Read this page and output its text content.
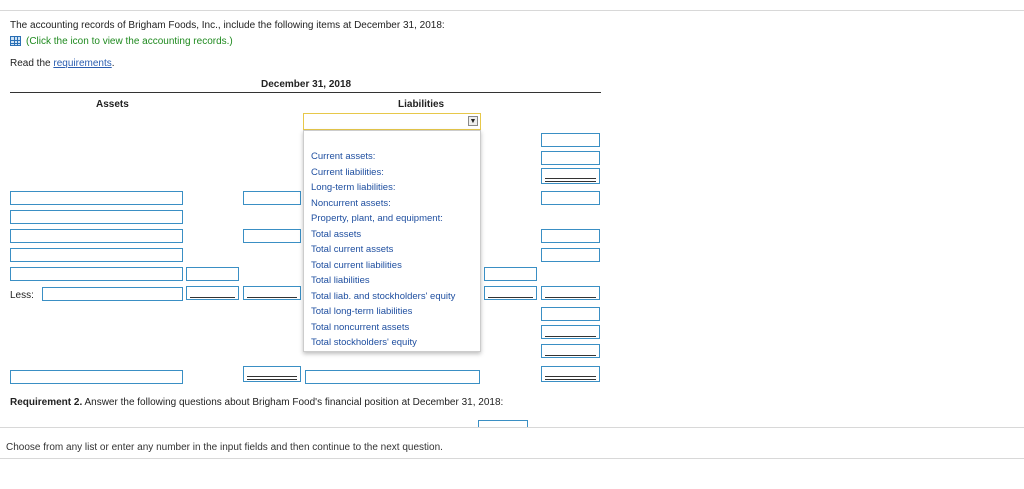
The accounting records of Brigham Foods, Inc., include the following items at December 31, 2018:
(Click the icon to view the accounting records.)
Read the requirements.
December 31, 2018
Assets	Liabilities
Less:
▼
Current assets:
Current liabilities:
Long-term liabilities:
Noncurrent assets:
Property, plant, and equipment:
Total assets
Total current assets
Total current liabilities
Total liabilities
Total liab. and stockholders' equity
Total long-term liabilities
Total noncurrent assets
Total stockholders' equity
Requirement 2. Answer the following questions about Brigham Food's financial position at December 31, 2018:
Choose from any list or enter any number in the input fields and then continue to the next question.
